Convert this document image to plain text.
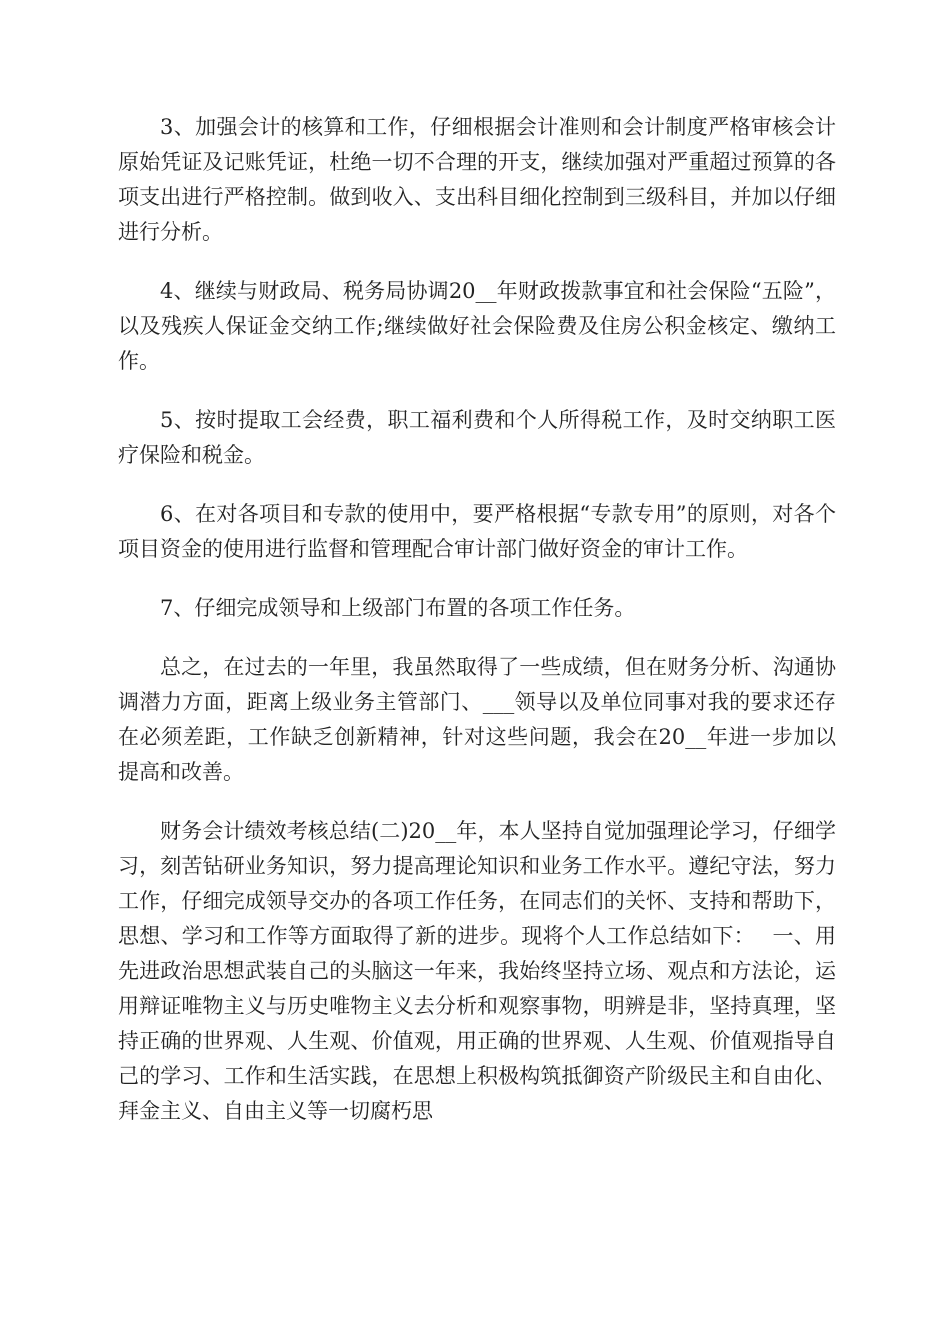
3、加强会计的核算和工作，仔细根据会计准则和会计制度严格审核会计原始凭证及记账凭证，杜绝一切不合理的开支，继续加强对严重超过预算的各项支出进行严格控制。做到收入、支出科目细化控制到三级科目，并加以仔细进行分析。

4、继续与财政局、税务局协调20__年财政拨款事宜和社会保险“五险”，以及残疾人保证金交纳工作;继续做好社会保险费及住房公积金核定、缴纳工作。

5、按时提取工会经费，职工福利费和个人所得税工作，及时交纳职工医疗保险和税金。

6、在对各项目和专款的使用中，要严格根据“专款专用”的原则，对各个项目资金的使用进行监督和管理配合审计部门做好资金的审计工作。

7、仔细完成领导和上级部门布置的各项工作任务。

总之，在过去的一年里，我虽然取得了一些成绩，但在财务分析、沟通协调潜力方面，距离上级业务主管部门、___领导以及单位同事对我的要求还存在必须差距，工作缺乏创新精神，针对这些问题，我会在20__年进一步加以提高和改善。

财务会计绩效考核总结(二)20__年，本人坚持自觉加强理论学习，仔细学习，刻苦钻研业务知识，努力提高理论知识和业务工作水平。遵纪守法，努力工作，仔细完成领导交办的各项工作任务，在同志们的关怀、支持和帮助下，思想、学习和工作等方面取得了新的进步。现将个人工作总结如下：　 一、用先进政治思想武装自己的头脑这一年来，我始终坚持立场、观点和方法论，运用辩证唯物主义与历史唯物主义去分析和观察事物，明辨是非，坚持真理，坚持正确的世界观、人生观、价值观，用正确的世界观、人生观、价值观指导自己的学习、工作和生活实践，在思想上积极构筑抵御资产阶级民主和自由化、拜金主义、自由主义等一切腐朽思
